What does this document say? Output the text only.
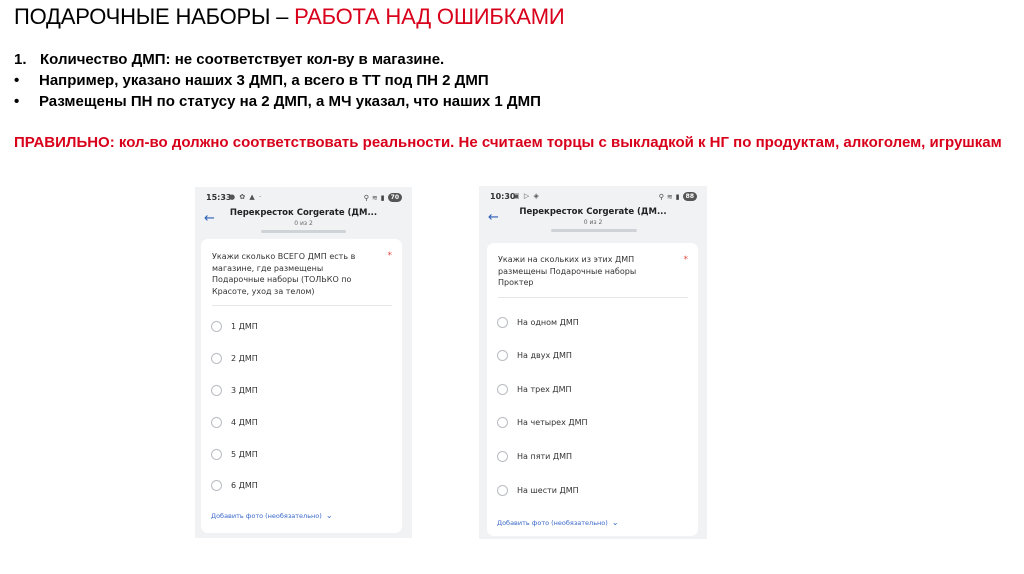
ПОДАРОЧНЫЕ НАБОРЫ – РАБОТА НАД ОШИБКАМИ
1. Количество ДМП: не соответствует кол-ву в магазине.
•	Например, указано наших 3 ДМП, а всего в ТТ под ПН 2 ДМП
•	Размещены ПН по статусу на 2 ДМП, а МЧ указал, что наших 1 ДМП
ПРАВИЛЬНО: кол-во должно соответствовать реальности. Не считаем торцы с выкладкой к НГ по продуктам, алкоголем, игрушкам
15:33
● ✿ ▲ ·	⚲ ≋ ▮	70
←	Перекресток Corgerate (ДМ...
0 из 2
Укажи сколько ВСЕГО ДМП есть в магазине, где размещены Подарочные наборы (ТОЛЬКО по Красоте, уход за телом)
*
1 ДМП
2 ДМП
3 ДМП
4 ДМП
5 ДМП
6 ДМП
Добавить фото (необязательно) ⌄
10:30
▣ ▷ ◈	⚲ ≋ ▮	88
←	Перекресток Corgerate (ДМ...
0 из 2
Укажи на скольких из этих ДМП размещены Подарочные наборы Проктер
*
На одном ДМП
На двух ДМП
На трех ДМП
На четырех ДМП
На пяти ДМП
На шести ДМП
Добавить фото (необязательно) ⌄
